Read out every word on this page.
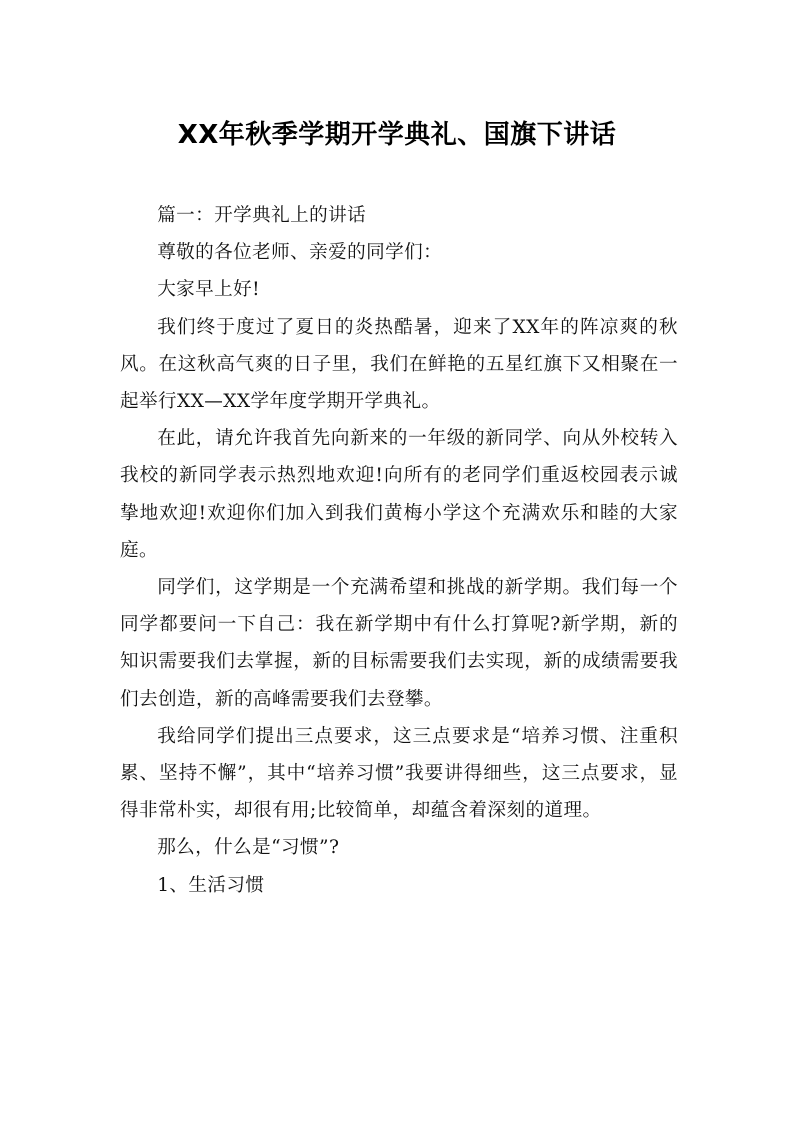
XX年秋季学期开学典礼、国旗下讲话

篇一：开学典礼上的讲话

尊敬的各位老师、亲爱的同学们：

大家早上好!

我们终于度过了夏日的炎热酷暑，迎来了XX年的阵凉爽的秋风。在这秋高气爽的日子里，我们在鲜艳的五星红旗下又相聚在一起举行XX—XX学年度学期开学典礼。

在此，请允许我首先向新来的一年级的新同学、向从外校转入我校的新同学表示热烈地欢迎!向所有的老同学们重返校园表示诚挚地欢迎!欢迎你们加入到我们黄梅小学这个充满欢乐和睦的大家庭。

同学们，这学期是一个充满希望和挑战的新学期。我们每一个同学都要问一下自己：我在新学期中有什么打算呢?新学期，新的知识需要我们去掌握，新的目标需要我们去实现，新的成绩需要我们去创造，新的高峰需要我们去登攀。

我给同学们提出三点要求，这三点要求是“培养习惯、注重积累、坚持不懈”，其中“培养习惯”我要讲得细些，这三点要求，显得非常朴实，却很有用;比较简单，却蕴含着深刻的道理。

那么，什么是“习惯”?

1、生活习惯
